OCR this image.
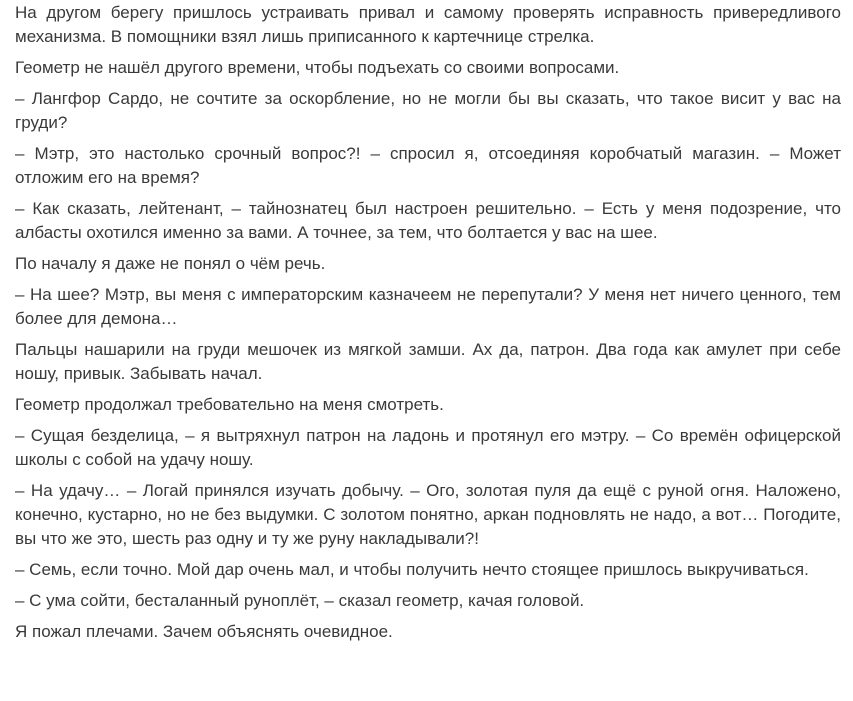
На другом берегу пришлось устраивать привал и самому проверять исправность привередливого механизма. В помощники взял лишь приписанного к картечнице стрелка.

Геометр не нашёл другого времени, чтобы подъехать со своими вопросами.

– Лангфор Сардо, не сочтите за оскорбление, но не могли бы вы сказать, что такое висит у вас на груди?

– Мэтр, это настолько срочный вопрос?! – спросил я, отсоединяя коробчатый магазин. – Может отложим его на время?

– Как сказать, лейтенант, – тайнознатец был настроен решительно. – Есть у меня подозрение, что албасты охотился именно за вами. А точнее, за тем, что болтается у вас на шее.

По началу я даже не понял о чём речь.

– На шее? Мэтр, вы меня с императорским казначеем не перепутали? У меня нет ничего ценного, тем более для демона…

Пальцы нашарили на груди мешочек из мягкой замши. Ах да, патрон. Два года как амулет при себе ношу, привык. Забывать начал.

Геометр продолжал требовательно на меня смотреть.

– Сущая безделица, – я вытряхнул патрон на ладонь и протянул его мэтру. – Со времён офицерской школы с собой на удачу ношу.

– На удачу… – Логай принялся изучать добычу. – Ого, золотая пуля да ещё с руной огня. Наложено, конечно, кустарно, но не без выдумки. С золотом понятно, аркан подновлять не надо, а вот… Погодите, вы что же это, шесть раз одну и ту же руну накладывали?!

– Семь, если точно. Мой дар очень мал, и чтобы получить нечто стоящее пришлось выкручиваться.

– С ума сойти, бесталанный руноплёт, – сказал геометр, качая головой.

Я пожал плечами. Зачем объяснять очевидное.
